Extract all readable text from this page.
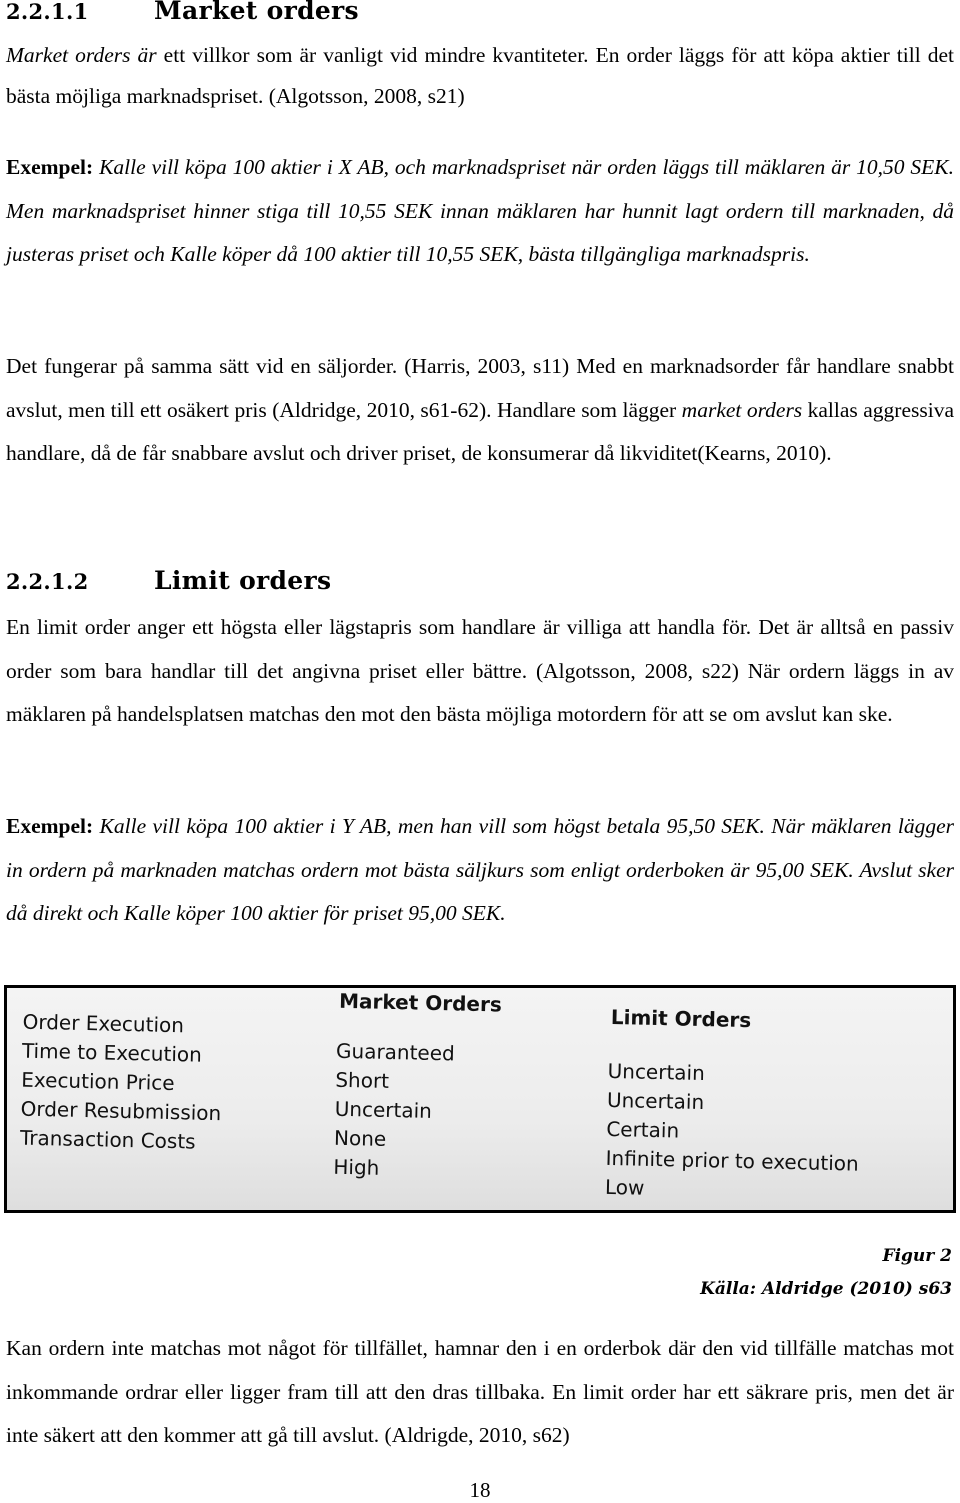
2.2.1.1	Market orders
Market orders är ett villkor som är vanligt vid mindre kvantiteter. En order läggs för att köpa aktier till det bästa möjliga marknadspriset. (Algotsson, 2008, s21)
Exempel: Kalle vill köpa 100 aktier i X AB, och marknadspriset när orden läggs till mäklaren är 10,50 SEK. Men marknadspriset hinner stiga till 10,55 SEK innan mäklaren har hunnit lagt ordern till marknaden, då justeras priset och Kalle köper då 100 aktier till 10,55 SEK, bästa tillgängliga marknadspris.
Det fungerar på samma sätt vid en säljorder. (Harris, 2003, s11) Med en marknadsorder får handlare snabbt avslut, men till ett osäkert pris (Aldridge, 2010, s61-62). Handlare som lägger market orders kallas aggressiva handlare, då de får snabbare avslut och driver priset, de konsumerar då likviditet(Kearns, 2010).
2.2.1.2	Limit orders
En limit order anger ett högsta eller lägstapris som handlare är villiga att handla för. Det är alltså en passiv order som bara handlar till det angivna priset eller bättre. (Algotsson, 2008, s22) När ordern läggs in av mäklaren på handelsplatsen matchas den mot den bästa möjliga motordern för att se om avslut kan ske.
Exempel: Kalle vill köpa 100 aktier i Y AB, men han vill som högst betala 95,50 SEK. När mäklaren lägger in ordern på marknaden matchas ordern mot bästa säljkurs som enligt orderboken är 95,00 SEK. Avslut sker då direkt och Kalle köper 100 aktier för priset 95,00 SEK.
Market Orders
Limit Orders
Order Execution
Time to Execution
Execution Price
Order Resubmission
Transaction Costs
Guaranteed
Short
Uncertain
None
High
Uncertain
Uncertain
Certain
Infinite prior to execution
Low
Figur 2
Källa: Aldridge (2010) s63
Kan ordern inte matchas mot något för tillfället, hamnar den i en orderbok där den vid tillfälle matchas mot inkommande ordrar eller ligger fram till att den dras tillbaka. En limit order har ett säkrare pris, men det är inte säkert att den kommer att gå till avslut. (Aldrigde, 2010, s62)
18
